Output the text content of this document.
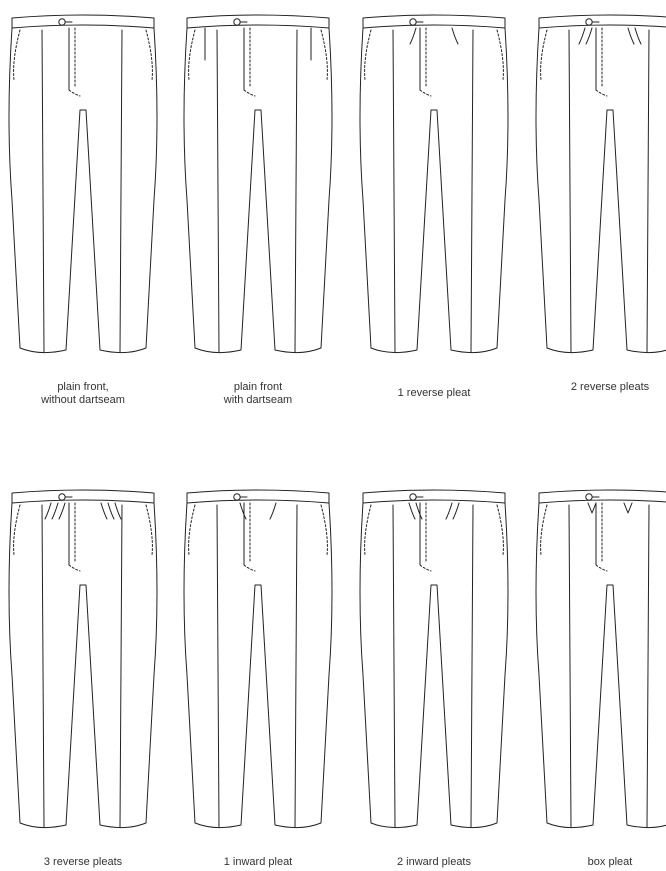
plain front,
without dartseam
plain front
with dartseam
1 reverse pleat	2 reverse pleats
3 reverse pleats	1 inward pleat	2 inward pleats	box pleat
